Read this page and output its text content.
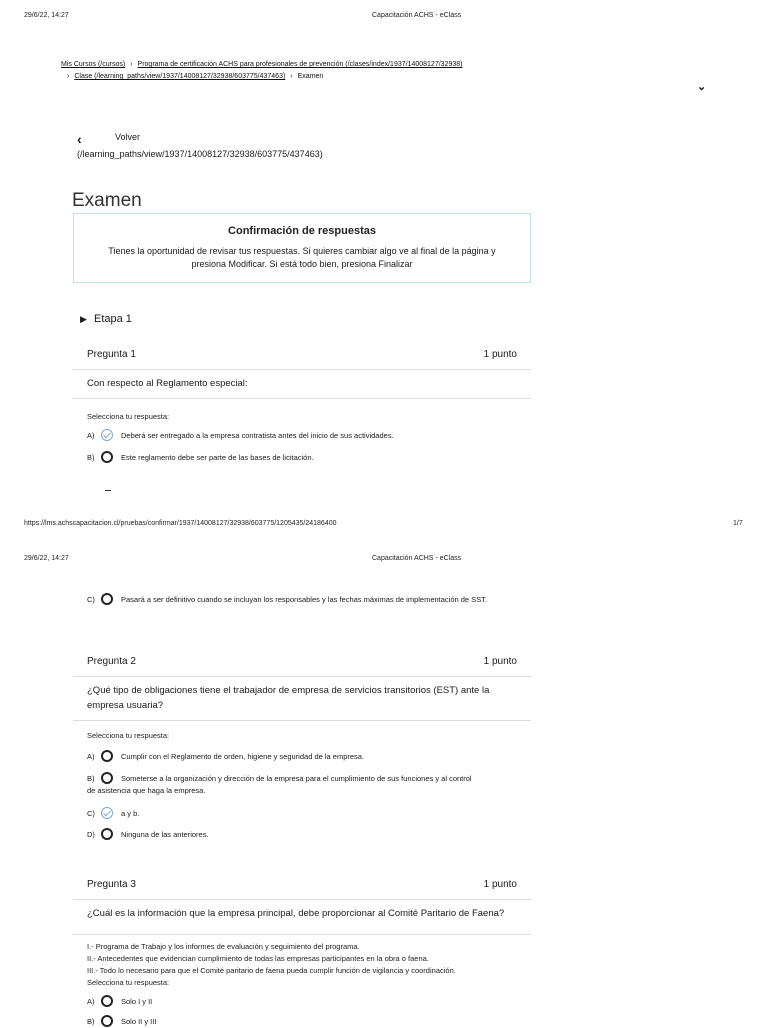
29/6/22, 14:27	Capacitación ACHS - eClass
Mis Cursos (/cursos) › Programa de certificación ACHS para profesionales de prevención (/clases/index/1937/14008127/32938)
› Clase (/learning_paths/view/1937/14008127/32938/603775/437463) › Examen
⌄
‹	Volver
(/learning_paths/view/1937/14008127/32938/603775/437463)
Examen
Confirmación de respuestas
Tienes la oportunidad de revisar tus respuestas. Si quieres cambiar algo ve al final de la página y
presiona Modificar. Si está todo bien, presiona Finalizar
▶ Etapa 1
Pregunta 1	1 punto
Con respecto al Reglamento especial:
Selecciona tu respuesta:
A)	Deberá ser entregado a la empresa contratista antes del inicio de sus actividades.
B)	Este reglamento debe ser parte de las bases de licitación.
https://lms.achscapacitacion.cl/pruebas/confirmar/1937/14008127/32938/603775/1205435/24186400	1/7
29/6/22, 14:27	Capacitación ACHS - eClass
C)	Pasará a ser definitivo cuando se incluyan los responsables y las fechas máximas de implementación de SST.
Pregunta 2	1 punto
¿Qué tipo de obligaciones tiene el trabajador de empresa de servicios transitorios (EST) ante la
empresa usuaria?
Selecciona tu respuesta:
A)	Cumplir con el Reglamento de orden, higiene y seguridad de la empresa.
B)	Someterse a la organización y dirección de la empresa para el cumplimiento de sus funciones y al control
de asistencia que haga la empresa.
C)	a y b.
D)	Ninguna de las anteriores.
Pregunta 3	1 punto
¿Cuál es la información que la empresa principal, debe proporcionar al Comité Paritario de Faena?
I.- Programa de Trabajo y los informes de evaluación y seguimiento del programa.
II.- Antecedentes que evidencian cumplimiento de todas las empresas participantes en la obra o faena.
III.- Todo lo necesario para que el Comité paritario de faena pueda cumplir función de vigilancia y coordinación.
Selecciona tu respuesta:
A)	Solo I y II
B)	Solo II y III
